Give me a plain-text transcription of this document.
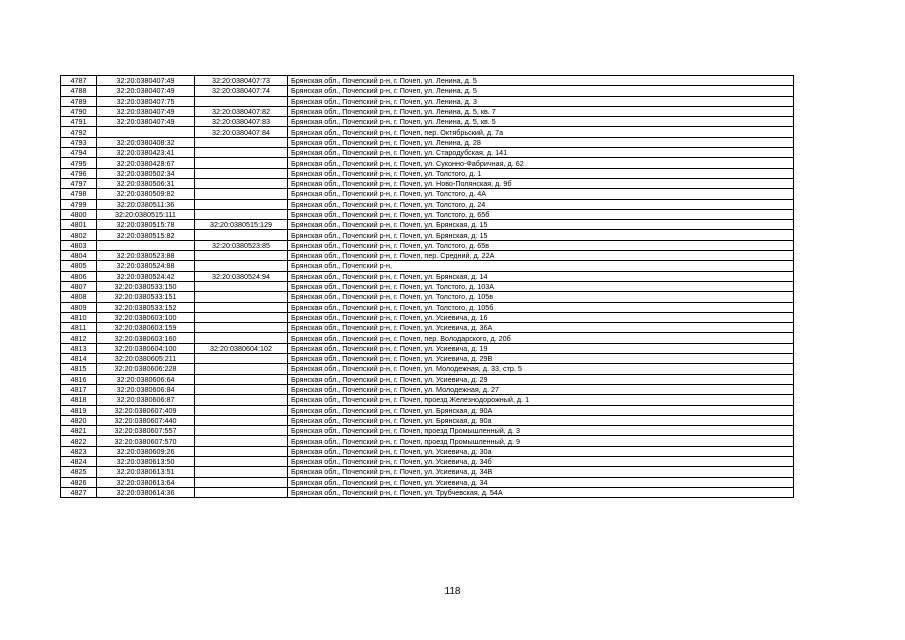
4787	32:20:0380407:49	32:20:0380407:73	Брянская обл., Почепский р-н, г. Почеп, ул. Ленина, д. 5
4788	32:20:0380407:49	32:20:0380407:74	Брянская обл., Почепский р-н, г. Почеп, ул. Ленина, д. 5
4789	32:20:0380407:75		Брянская обл., Почепский р-н, г. Почеп, ул. Ленина, д. 3
4790	32:20:0380407:49	32:20:0380407:82	Брянская обл., Почепский р-н, г. Почеп, ул. Ленина, д. 5, кв. 7
4791	32:20:0380407:49	32:20:0380407:83	Брянская обл., Почепский р-н, г. Почеп, ул. Ленина, д. 5, кв. 5
4792		32:20:0380407:84	Брянская обл., Почепский р-н, г. Почеп, пер. Октябрьский, д. 7а
4793	32:20:0380408:32		Брянская обл., Почепский р-н, г. Почеп, ул. Ленина, д. 28
4794	32:20:0380423:41		Брянская обл., Почепский р-н, г. Почеп, ул. Стародубская, д. 141
4795	32:20:0380428:67		Брянская обл., Почепский р-н, г. Почеп, ул. Суконно-Фабричная, д. 62
4796	32:20:0380502:34		Брянская обл., Почепский р-н, г. Почеп, ул. Толстого, д. 1
4797	32:20:0380506:31		Брянская обл., Почепский р-н, г. Почеп, ул. Ново-Полянская, д. 9б
4798	32:20:0380509:82		Брянская обл., Почепский р-н, г. Почеп, ул. Толстого, д. 4А
4799	32:20:0380511:36		Брянская обл., Почепский р-н, г. Почеп, ул. Толстого, д. 24
4800	32:20:0380515:111		Брянская обл., Почепский р-н, г. Почеп, ул. Толстого, д. 65б
4801	32:20:0380515:78	32:20:0380515:129	Брянская обл., Почепский р-н, г. Почеп, ул. Брянская, д. 15
4802	32:20:0380515:82		Брянская обл., Почепский р-н, г. Почеп, ул. Брянская, д. 15
4803		32:20:0380523:85	Брянская обл., Почепский р-н, г. Почеп, ул. Толстого, д. 65в
4804	32:20:0380523:88		Брянская обл., Почепский р-н, г. Почеп, пер. Средний, д. 22А
4805	32:20:0380524:88		Брянская обл., Почепский р-н,
4806	32:20:0380524:42	32:20:0380524:94	Брянская обл., Почепский р-н, г. Почеп, ул. Брянская, д. 14
4807	32:20:0380533:150		Брянская обл., Почепский р-н, г. Почеп, ул. Толстого, д. 103А
4808	32:20:0380533:151		Брянская обл., Почепский р-н, г. Почеп, ул. Толстого, д. 105в
4809	32:20:0380533:152		Брянская обл., Почепский р-н, г. Почеп, ул. Толстого, д. 105б
4810	32:20:0380603:100		Брянская обл., Почепский р-н, г. Почеп, ул. Усиевича, д. 16
4811	32:20:0380603:159		Брянская обл., Почепский р-н, г. Почеп, ул. Усиевича, д. 36А
4812	32:20:0380603:160		Брянская обл., Почепский р-н, г. Почеп, пер. Володарского, д. 20б
4813	32:20:0380604:100	32:20:0380604:102	Брянская обл., Почепский р-н, г. Почеп, ул. Усиевича, д. 19
4814	32:20:0380605:211		Брянская обл., Почепский р-н, г. Почеп, ул. Усиевича, д. 29В
4815	32:20:0380606:228		Брянская обл., Почепский р-н, г. Почеп, ул. Молодежная, д. 33, стр. 5
4816	32:20:0380606:64		Брянская обл., Почепский р-н, г. Почеп, ул. Усиевича, д. 29
4817	32:20:0380606:84		Брянская обл., Почепский р-н, г. Почеп, ул. Молодежная, д. 27
4818	32:20:0380606:87		Брянская обл., Почепский р-н, г. Почеп, проезд Железнодорожный, д. 1
4819	32:20:0380607:409		Брянская обл., Почепский р-н, г. Почеп, ул. Брянская, д. 90А
4820	32:20:0380607:440		Брянская обл., Почепский р-н, г. Почеп, ул. Брянская, д. 90а
4821	32:20:0380607:557		Брянская обл., Почепский р-н, г. Почеп, проезд Промышленный, д. 3
4822	32:20:0380607:570		Брянская обл., Почепский р-н, г. Почеп, проезд Промышленный, д. 9
4823	32:20:0380609:26		Брянская обл., Почепский р-н, г. Почеп, ул. Усиевича, д. 30а
4824	32:20:0380613:50		Брянская обл., Почепский р-н, г. Почеп, ул. Усиевича, д. 34б
4825	32:20:0380613:51		Брянская обл., Почепский р-н, г. Почеп, ул. Усиевича, д. 34В
4826	32:20:0380613:64		Брянская обл., Почепский р-н, г. Почеп, ул. Усиевича, д. 34
4827	32:20:0380614:36		Брянская обл., Почепский р-н, г. Почеп, ул. Трубчевская, д. 54А
118
